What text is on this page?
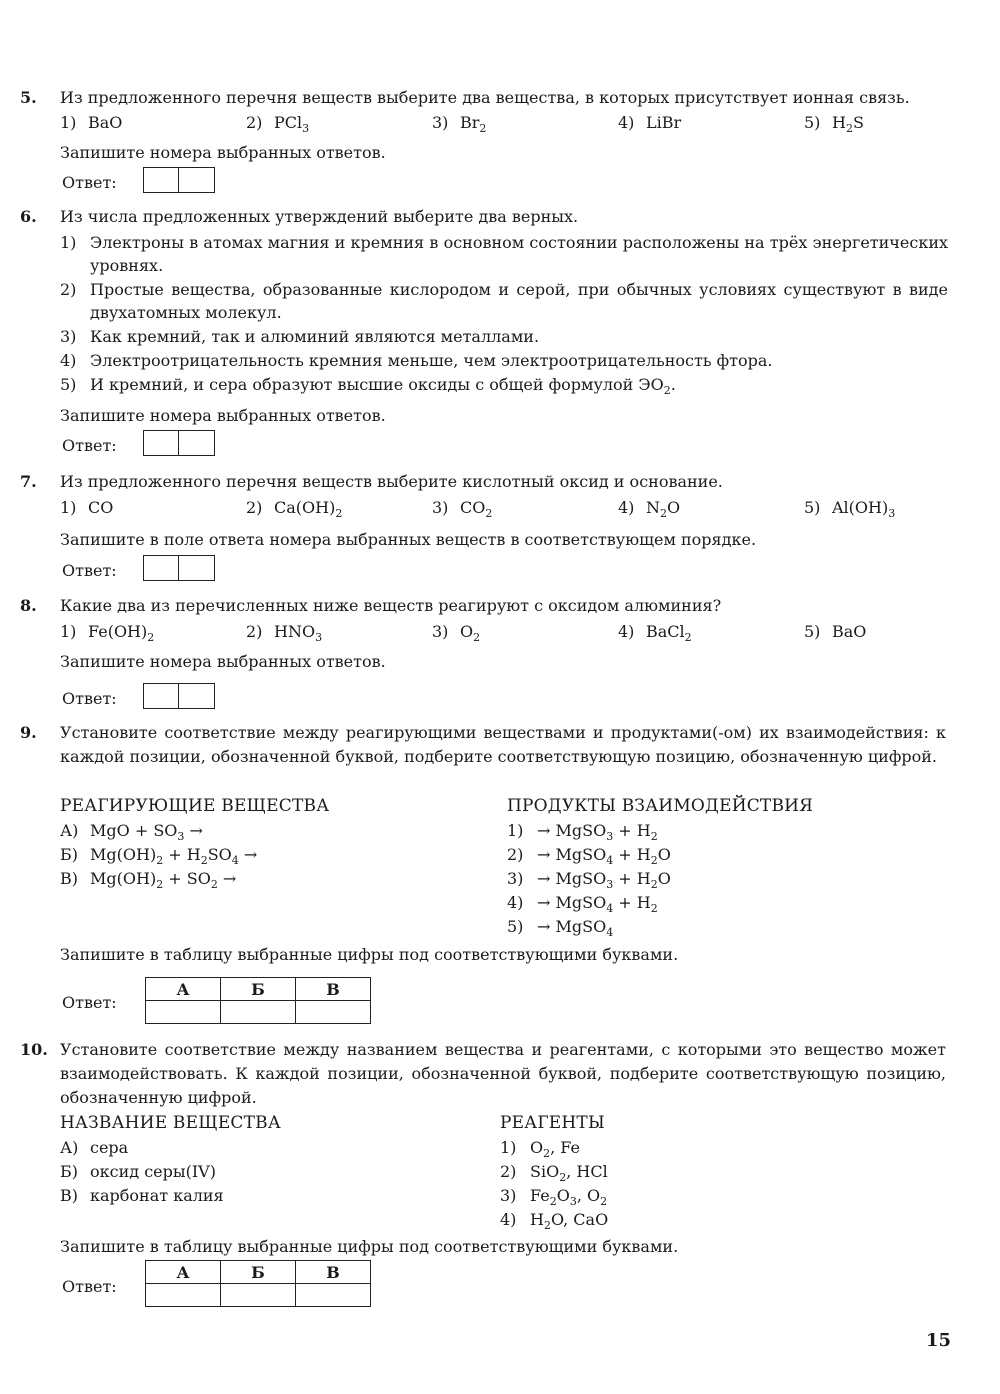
5. Из предложенного перечня веществ выберите два вещества, в которых присутствует ионная связь.
1) BaO	2) PCl$_3$	3) $Br_2$	4) LiBr	5) $H_2S$
Запишите номера выбранных ответов.
Ответ:
6. Из числа предложенных утверждений выберите два верных.
1) Электроны в атомах магния и кремния в основном состоянии расположены на трёх энергетических уровнях.
2) Простые вещества, образованные кислородом и серой, при обычных условиях существуют в виде двухатомных молекул.
3) Как кремний, так и алюминий являются металлами.
4) Электроотрицательность кремния меньше, чем электроотрицательность фтора.
5) И кремний, и сера образуют высшие оксиды с общей формулой $ЭО_2$.
Запишите номера выбранных ответов.
Ответ:
7. Из предложенного перечня веществ выберите кислотный оксид и основание.
1) CO	2) $Ca(OH)_2$	3) $CO_2$	4) $N_2O$	5) $Al(OH)_3$
Запишите в поле ответа номера выбранных веществ в соответствующем порядке.
Ответ:
8. Какие два из перечисленных ниже веществ реагируют с оксидом алюминия?
1) $Fe(OH)_2$	2) $HNO_3$	3) $O_2$	4) BaCl$_2$	5) BaO
Запишите номера выбранных ответов.
Ответ:
9. Установите соответствие между реагирующими веществами и продуктами(-ом) их взаимодействия: к каждой позиции, обозначенной буквой, подберите соответствующую позицию, обозначенную цифрой.
РЕАГИРУЮЩИЕ ВЕЩЕСТВА	ПРОДУКТЫ ВЗАИМОДЕЙСТВИЯ
А) MgO + $SO_3$ →
Б) $Mg(OH)_2 + H_2SO_4$ →
В) $Mg(OH)_2 + SO_2$ →
1) → MgSO$_3$ + $H_2$
2) → MgSO$_4$ + $H_2O$
3) → MgSO$_3$ + $H_2O$
4) → MgSO$_4$ + $H_2$
5) → MgSO$_4$
Запишите в таблицу выбранные цифры под соответствующими буквами.
Ответ:
А	Б	В

10. Установите соответствие между названием вещества и реагентами, с которыми это вещество может взаимодействовать. К каждой позиции, обозначенной буквой, подберите соответствующую позицию, обозначенную цифрой.
НАЗВАНИЕ ВЕЩЕСТВА	РЕАГЕНТЫ
А) сера
Б) оксид серы(IV)
В) карбонат калия
1) $O_2$, Fe
2) SiO$_2$, HCl
3) $Fe_2O_3$, $O_2$
4) $H_2O$, CaO
Запишите в таблицу выбранные цифры под соответствующими буквами.
Ответ:
А	Б	В

15
